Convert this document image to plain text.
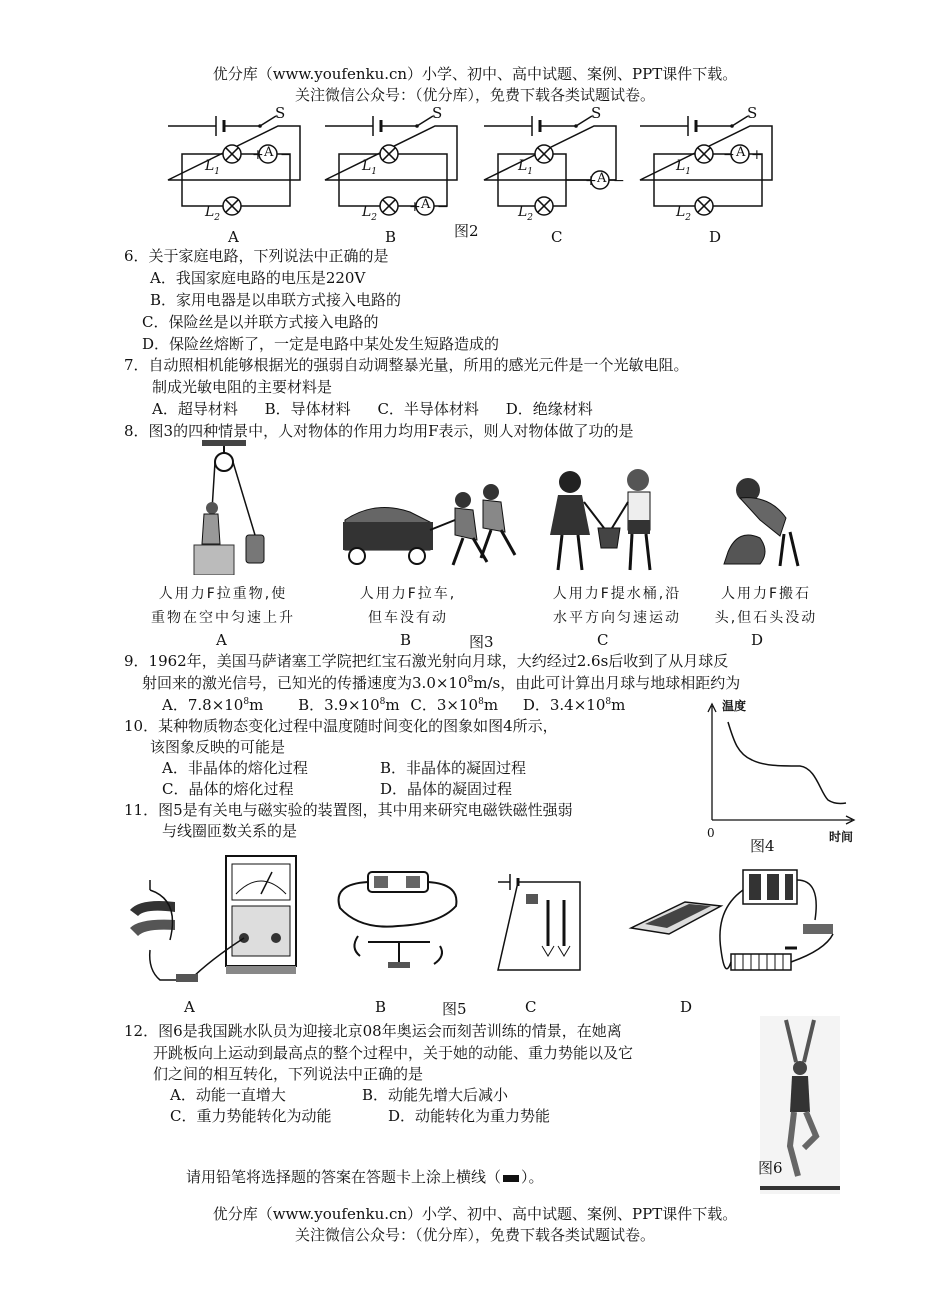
优分库（www.youfenku.cn）小学、初中、高中试题、案例、PPT课件下载。
关注微信公众号：（优分库），免费下载各类试题试卷。
S	S	S	S
A
A
A
A
+ −
+ −
+ −
− +
$L_1$
$L_2$
$L_1$
$L_2$
$L_1$
$L_2$
$L_1$
$L_2$
A	B	图2	C	D
6．关于家庭电路，下列说法中正确的是
A．我国家庭电路的电压是220V
B．家用电器是以串联方式接入电路的
C．保险丝是以并联方式接入电路的
D．保险丝熔断了，一定是电路中某处发生短路造成的
7．自动照相机能够根据光的强弱自动调整暴光量，所用的感光元件是一个光敏电阻。
制成光敏电阻的主要材料是
A．超导材料 B．导体材料 C．半导体材料 D．绝缘材料
8．图3的四种情景中，人对物体的作用力均用F表示，则人对物体做了功的是
人用力F拉重物,使
重物在空中匀速上升
人用力F拉车,
但车没有动
人用力F提水桶,沿
水平方向匀速运动
人用力F搬石
头,但石头没动
A	B	图3	C	D
9．1962年，美国马萨诸塞工学院把红宝石激光射向月球，大约经过2.6s后收到了从月球反
射回来的激光信号，已知光的传播速度为$3.0\times 10^8m/s$，由此可计算出月球与地球相距约为
A．$7.8\times 10^8m$ B．$3.9\times 10^8m$ C．$3\times 10^8m$ D．$3.4\times 10^8m$
10．某种物质物态变化过程中温度随时间变化的图象如图4所示，
该图象反映的可能是
A．非晶体的熔化过程	B．非晶体的凝固过程
C．晶体的熔化过程	D．晶体的凝固过程
温度
0
图4	时间
11．图5是有关电与磁实验的装置图，其中用来研究电磁铁磁性强弱
与线圈匝数关系的是
A	B	图5	C	D
12．图6是我国跳水队员为迎接北京08年奥运会而刻苦训练的情景，在她离
开跳板向上运动到最高点的整个过程中，关于她的动能、重力势能以及它
们之间的相互转化，下列说法中正确的是
A．动能一直增大	B．动能先增大后减小
C．重力势能转化为动能	D．动能转化为重力势能
图6
请用铅笔将选择题的答案在答题卡上涂上横线（ ）。
优分库（www.youfenku.cn）小学、初中、高中试题、案例、PPT课件下载。
关注微信公众号：（优分库），免费下载各类试题试卷。
